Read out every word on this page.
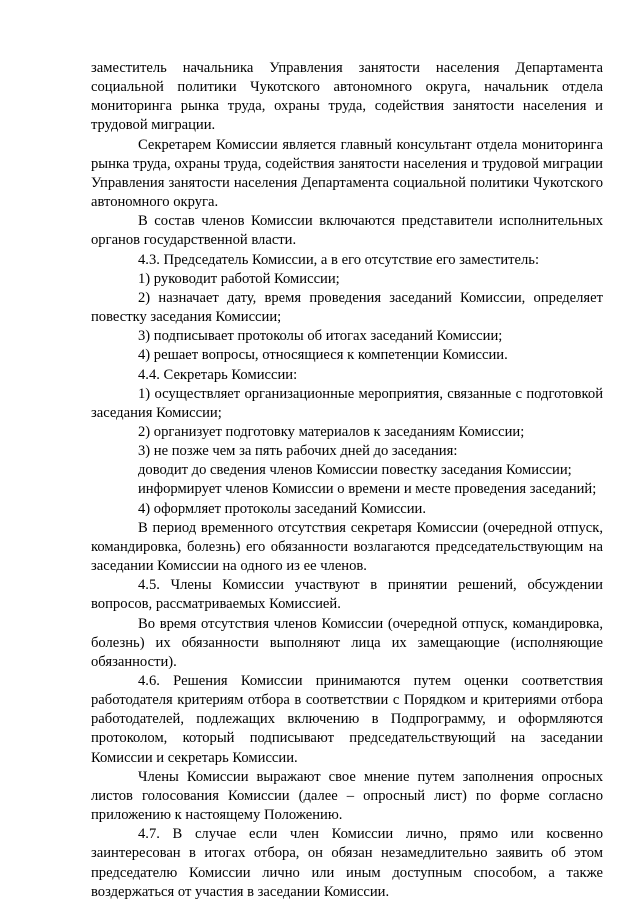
заместитель начальника Управления занятости населения Департамента социальной политики Чукотского автономного округа, начальник отдела мониторинга рынка труда, охраны труда, содействия занятости населения и трудовой миграции.

Секретарем Комиссии является главный консультант отдела мониторинга рынка труда, охраны труда, содействия занятости населения и трудовой миграции Управления занятости населения Департамента социальной политики Чукотского автономного округа.

В состав членов Комиссии включаются представители исполнительных органов государственной власти.

4.3. Председатель Комиссии, а в его отсутствие его заместитель:

1) руководит работой Комиссии;

2) назначает дату, время проведения заседаний Комиссии, определяет повестку заседания Комиссии;

3) подписывает протоколы об итогах заседаний Комиссии;

4) решает вопросы, относящиеся к компетенции Комиссии.

4.4. Секретарь Комиссии:

1) осуществляет организационные мероприятия, связанные с подготовкой заседания Комиссии;

2) организует подготовку материалов к заседаниям Комиссии;

3) не позже чем за пять рабочих дней до заседания:

доводит до сведения членов Комиссии повестку заседания Комиссии;

информирует членов Комиссии о времени и месте проведения заседаний;

4) оформляет протоколы заседаний Комиссии.

В период временного отсутствия секретаря Комиссии (очередной отпуск, командировка, болезнь) его обязанности возлагаются председательствующим на заседании Комиссии на одного из ее членов.

4.5. Члены Комиссии участвуют в принятии решений, обсуждении вопросов, рассматриваемых Комиссией.

Во время отсутствия членов Комиссии (очередной отпуск, командировка, болезнь) их обязанности выполняют лица их замещающие (исполняющие обязанности).

4.6. Решения Комиссии принимаются путем оценки соответствия работодателя критериям отбора в соответствии с Порядком и критериями отбора работодателей, подлежащих включению в Подпрограмму, и оформляются протоколом, который подписывают председательствующий на заседании Комиссии и секретарь Комиссии.

Члены Комиссии выражают свое мнение путем заполнения опросных листов голосования Комиссии (далее – опросный лист) по форме согласно приложению к настоящему Положению.

4.7. В случае если член Комиссии лично, прямо или косвенно заинтересован в итогах отбора, он обязан незамедлительно заявить об этом председателю Комиссии лично или иным доступным способом, а также воздержаться от участия в заседании Комиссии.
